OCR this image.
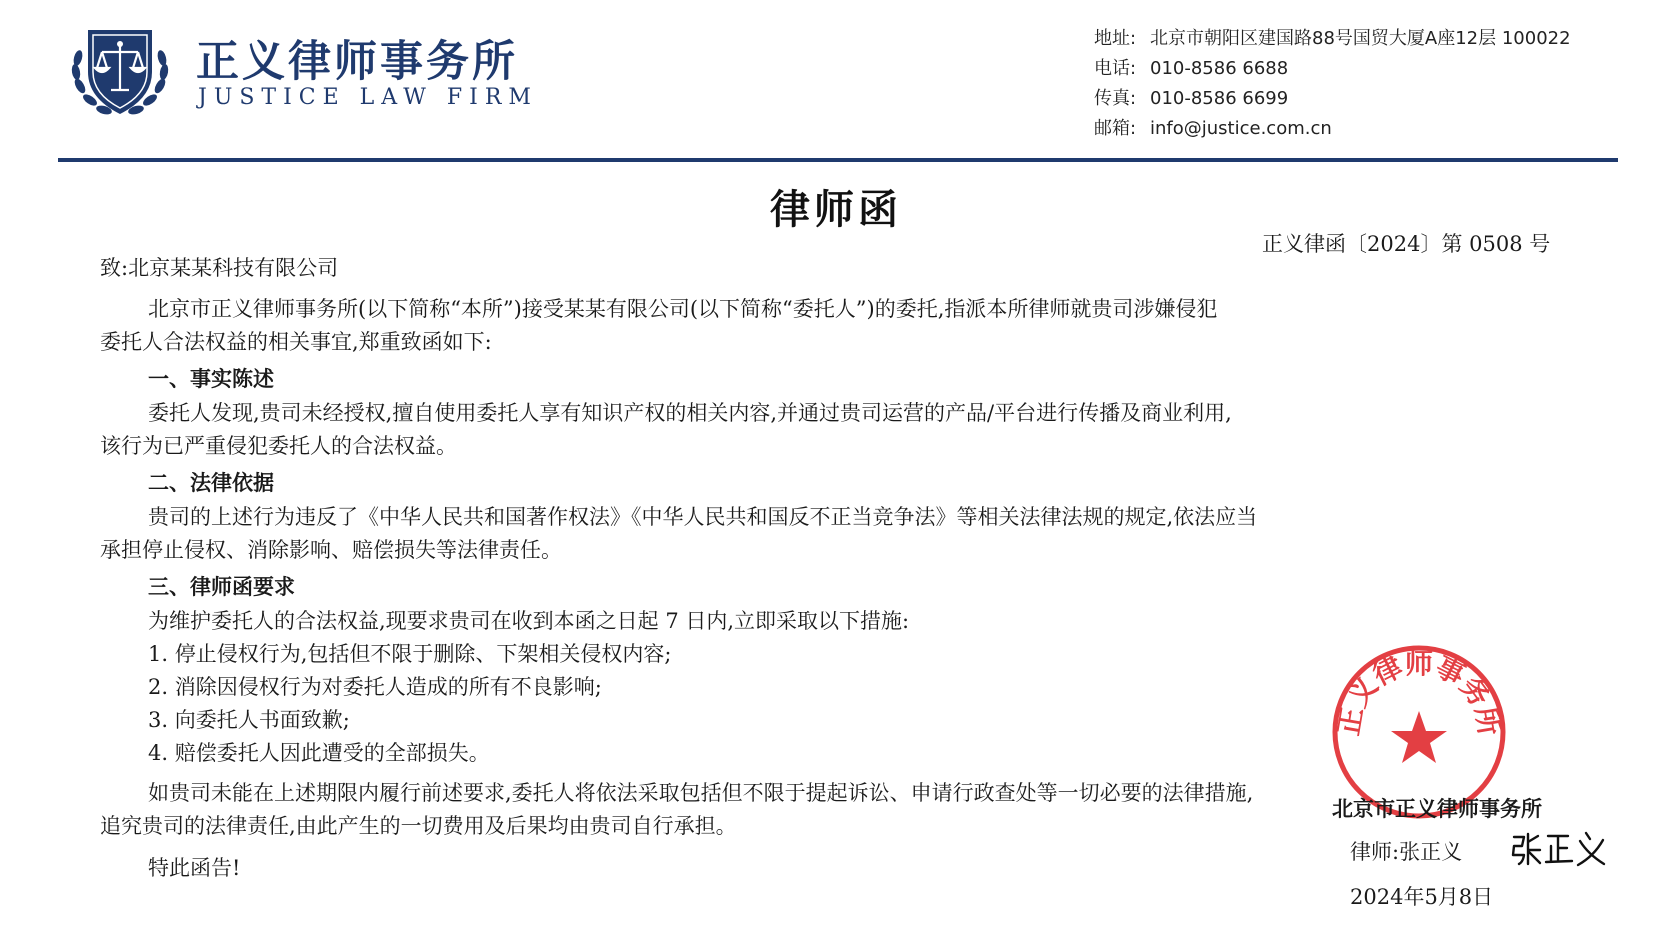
正义律师事务所
JUSTICE LAW FIRM
地址: 北京市朝阳区建国路88号国贸大厦A座12层 100022
电话: 010-8586 6688
传真: 010-8586 6699
邮箱: info@justice.com.cn
律师函
正义律函〔2024〕第 0508 号
致:北京某某科技有限公司
北京市正义律师事务所(以下简称“本所”)接受某某有限公司(以下简称“委托人”)的委托,指派本所律师就贵司涉嫌侵犯
委托人合法权益的相关事宜,郑重致函如下:
一、事实陈述
委托人发现,贵司未经授权,擅自使用委托人享有知识产权的相关内容,并通过贵司运营的产品/平台进行传播及商业利用,
该行为已严重侵犯委托人的合法权益。
二、法律依据
贵司的上述行为违反了《中华人民共和国著作权法》《中华人民共和国反不正当竞争法》等相关法律法规的规定,依法应当
承担停止侵权、消除影响、赔偿损失等法律责任。
三、律师函要求
为维护委托人的合法权益,现要求贵司在收到本函之日起 7 日内,立即采取以下措施:
1. 停止侵权行为,包括但不限于删除、下架相关侵权内容;
2. 消除因侵权行为对委托人造成的所有不良影响;
3. 向委托人书面致歉;
4. 赔偿委托人因此遭受的全部损失。
如贵司未能在上述期限内履行前述要求,委托人将依法采取包括但不限于提起诉讼、申请行政查处等一切必要的法律措施,
追究贵司的法律责任,由此产生的一切费用及后果均由贵司自行承担。
特此函告!
正义律师事务所
北京市正义律师事务所
律师:张正义
2024年5月8日
